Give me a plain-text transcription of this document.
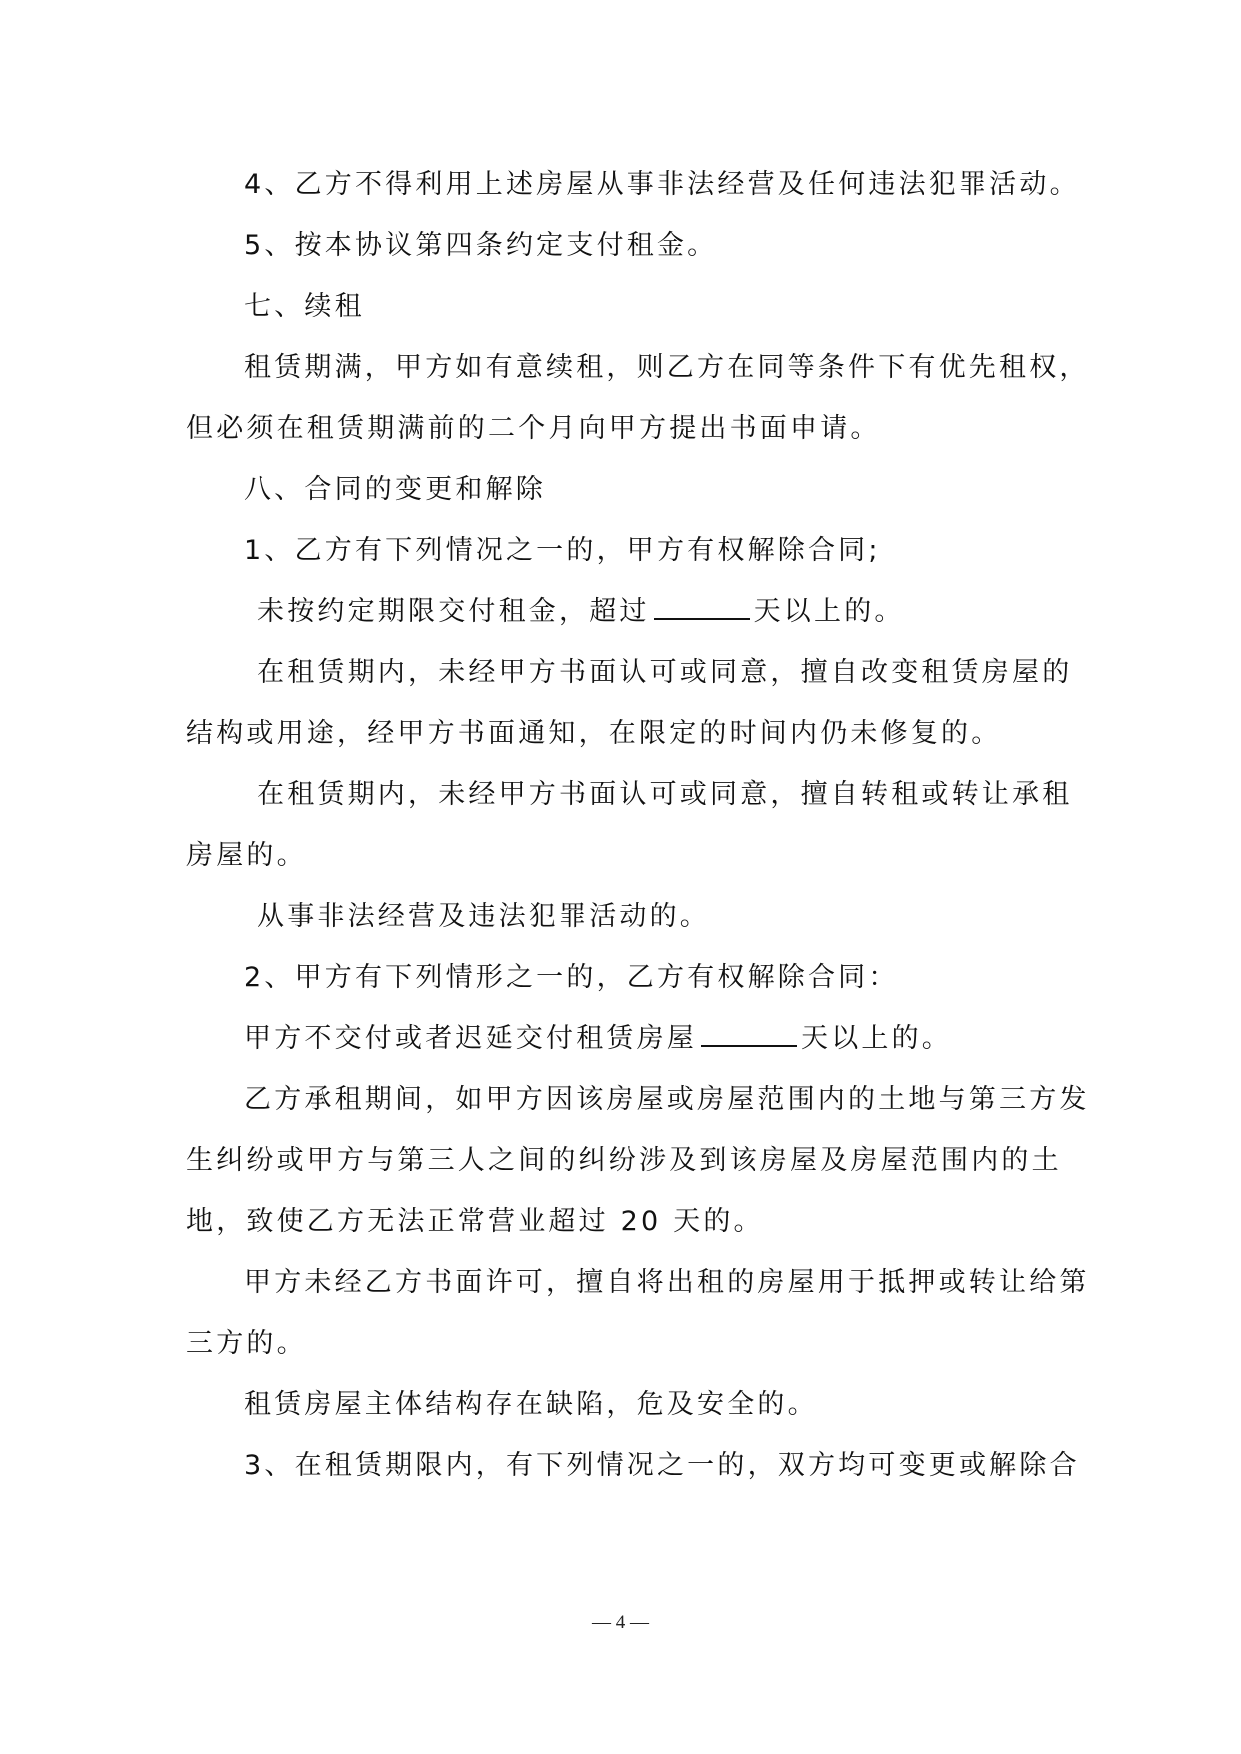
4、乙方不得利用上述房屋从事非法经营及任何违法犯罪活动。

5、按本协议第四条约定支付租金。

七、续租

租赁期满，甲方如有意续租，则乙方在同等条件下有优先租权，

但必须在租赁期满前的二个月向甲方提出书面申请。

八、合同的变更和解除

1、乙方有下列情况之一的，甲方有权解除合同;

未按约定期限交付租金，超过	天以上的。

在租赁期内，未经甲方书面认可或同意，擅自改变租赁房屋的

结构或用途，经甲方书面通知，在限定的时间内仍未修复的。

在租赁期内，未经甲方书面认可或同意，擅自转租或转让承租

房屋的。

从事非法经营及违法犯罪活动的。

2、甲方有下列情形之一的，乙方有权解除合同：

甲方不交付或者迟延交付租赁房屋	天以上的。

乙方承租期间，如甲方因该房屋或房屋范围内的土地与第三方发

生纠纷或甲方与第三人之间的纠纷涉及到该房屋及房屋范围内的土

地，致使乙方无法正常营业超过 20 天的。

甲方未经乙方书面许可，擅自将出租的房屋用于抵押或转让给第

三方的。

租赁房屋主体结构存在缺陷，危及安全的。

3、在租赁期限内，有下列情况之一的，双方均可变更或解除合

— 4 —
